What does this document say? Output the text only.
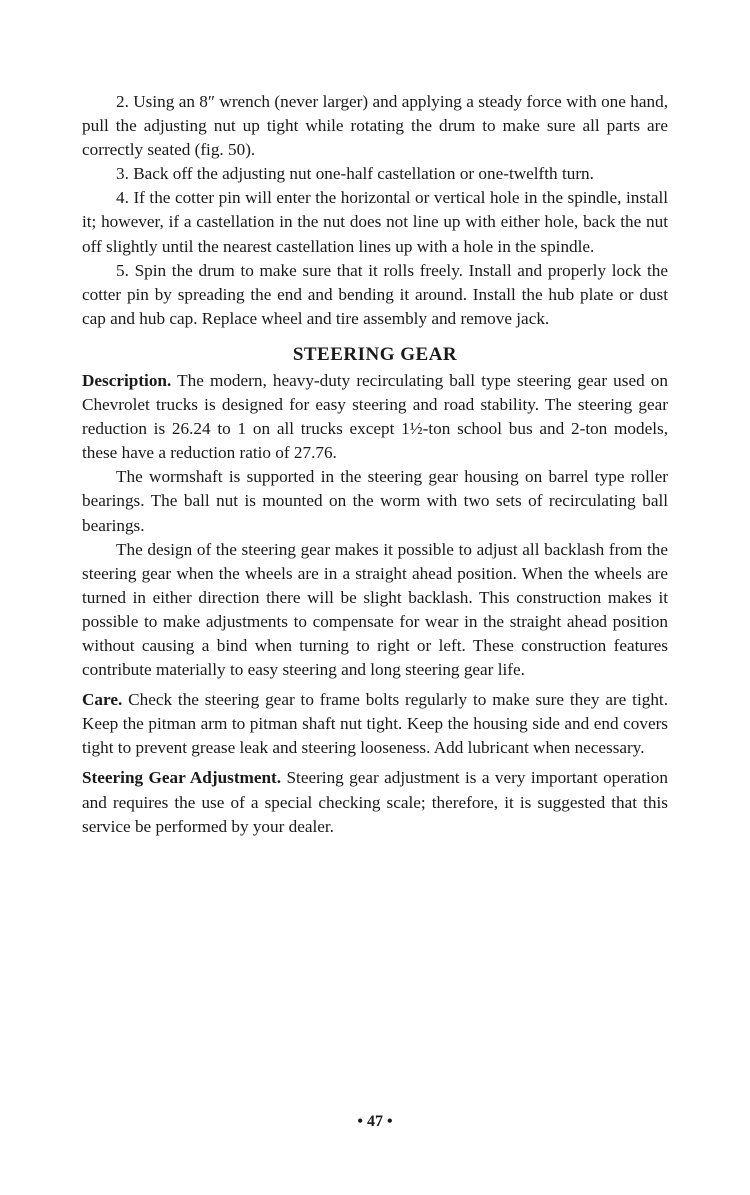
2. Using an 8″ wrench (never larger) and applying a steady force with one hand, pull the adjusting nut up tight while rotating the drum to make sure all parts are correctly seated (fig. 50).

3. Back off the adjusting nut one-half castellation or one-twelfth turn.

4. If the cotter pin will enter the horizontal or vertical hole in the spindle, install it; however, if a castellation in the nut does not line up with either hole, back the nut off slightly until the nearest castellation lines up with a hole in the spindle.

5. Spin the drum to make sure that it rolls freely. Install and properly lock the cotter pin by spreading the end and bending it around. Install the hub plate or dust cap and hub cap. Replace wheel and tire assembly and remove jack.

STEERING GEAR

Description. The modern, heavy-duty recirculating ball type steering gear used on Chevrolet trucks is designed for easy steering and road stability. The steering gear reduction is 26.24 to 1 on all trucks except 1½-ton school bus and 2-ton models, these have a reduction ratio of 27.76.

The wormshaft is supported in the steering gear housing on barrel type roller bearings. The ball nut is mounted on the worm with two sets of recirculating ball bearings.

The design of the steering gear makes it possible to adjust all backlash from the steering gear when the wheels are in a straight ahead position. When the wheels are turned in either direction there will be slight backlash. This construction makes it possible to make adjustments to compensate for wear in the straight ahead position without causing a bind when turning to right or left. These construction features contribute materially to easy steering and long steering gear life.

Care. Check the steering gear to frame bolts regularly to make sure they are tight. Keep the pitman arm to pitman shaft nut tight. Keep the housing side and end covers tight to prevent grease leak and steering looseness. Add lubricant when necessary.

Steering Gear Adjustment. Steering gear adjustment is a very important operation and requires the use of a special checking scale; therefore, it is suggested that this service be performed by your dealer.

• 47 •
